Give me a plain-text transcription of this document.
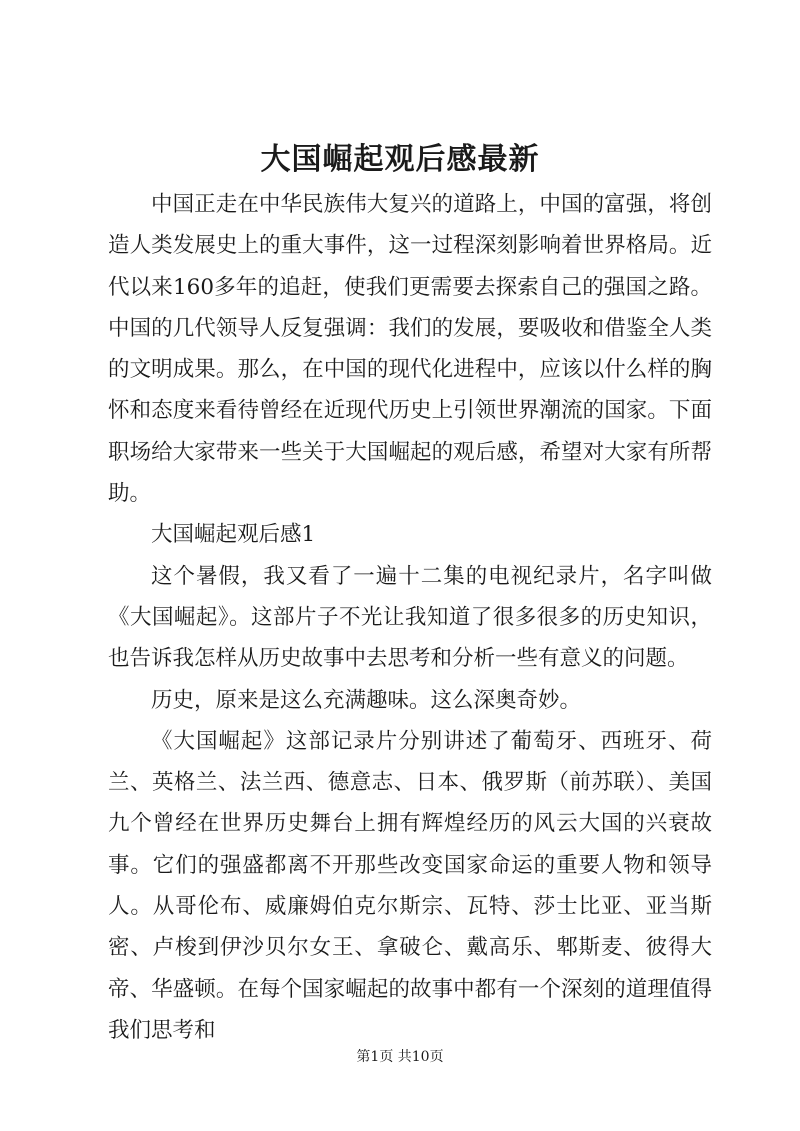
大国崛起观后感最新

中国正走在中华民族伟大复兴的道路上，中国的富强，将创造人类发展史上的重大事件，这一过程深刻影响着世界格局。近代以来160多年的追赶，使我们更需要去探索自己的强国之路。中国的几代领导人反复强调：我们的发展，要吸收和借鉴全人类的文明成果。那么，在中国的现代化进程中，应该以什么样的胸怀和态度来看待曾经在近现代历史上引领世界潮流的国家。下面职场给大家带来一些关于大国崛起的观后感，希望对大家有所帮助。

大国崛起观后感1

这个暑假，我又看了一遍十二集的电视纪录片，名字叫做《大国崛起》。这部片子不光让我知道了很多很多的历史知识，也告诉我怎样从历史故事中去思考和分析一些有意义的问题。

历史，原来是这么充满趣味。这么深奥奇妙。

《大国崛起》这部记录片分别讲述了葡萄牙、西班牙、荷兰、英格兰、法兰西、德意志、日本、俄罗斯（前苏联）、美国九个曾经在世界历史舞台上拥有辉煌经历的风云大国的兴衰故事。它们的强盛都离不开那些改变国家命运的重要人物和领导人。从哥伦布、威廉姆伯克尔斯宗、瓦特、莎士比亚、亚当斯密、卢梭到伊沙贝尔女王、拿破仑、戴高乐、郫斯麦、彼得大帝、华盛顿。在每个国家崛起的故事中都有一个深刻的道理值得我们思考和

第1页 共10页
